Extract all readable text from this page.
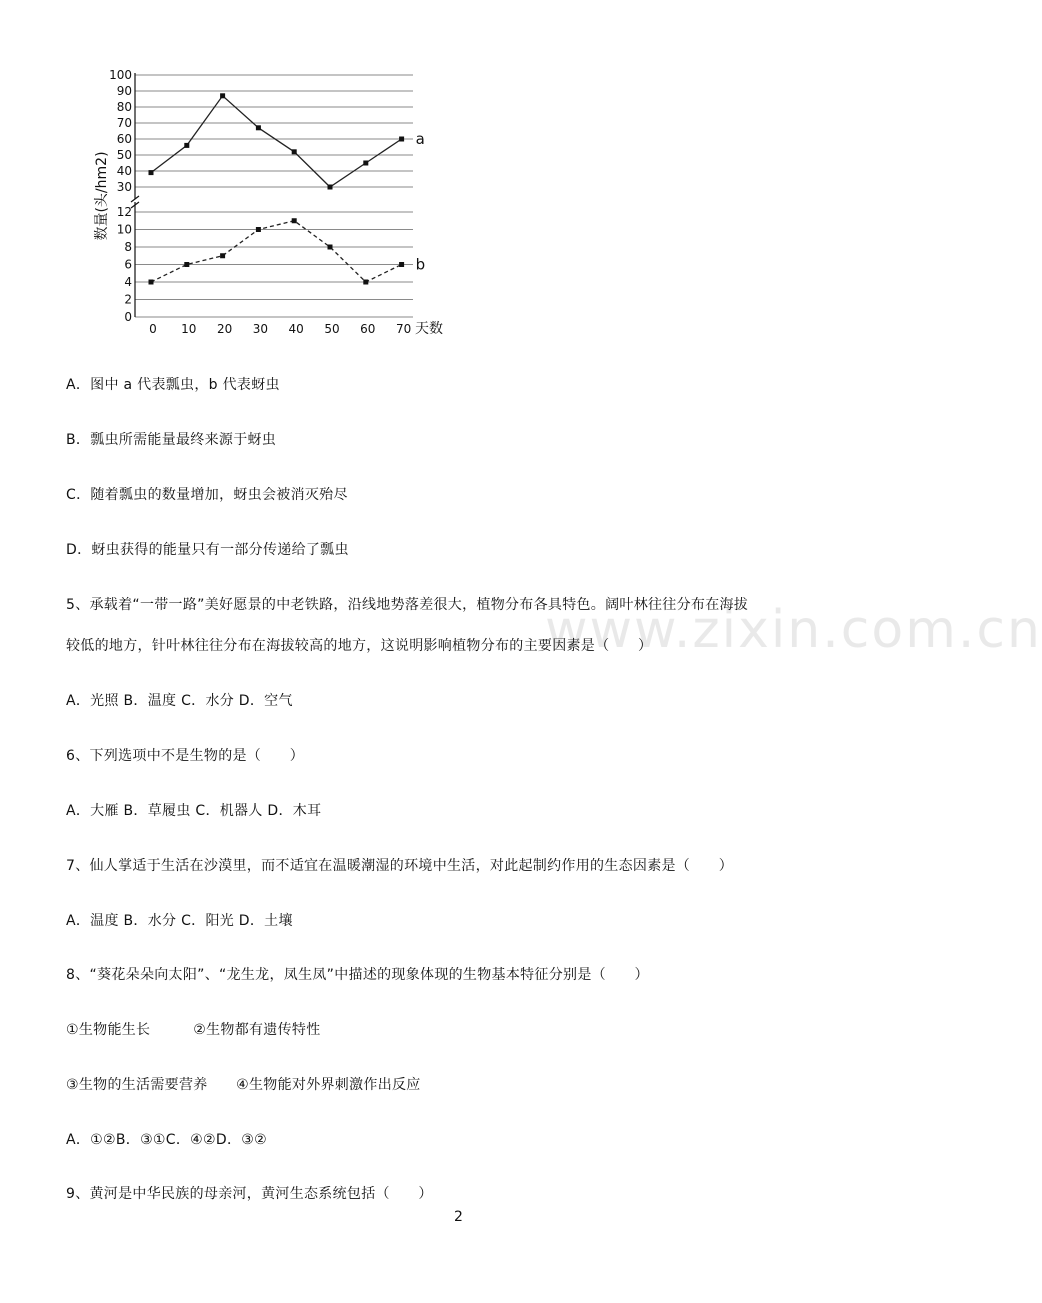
30
40
50
60
70
80
90
100
0
2
4
6
8
10
12
0 10 20 30 40 50 60 70
a
b
数量(头/hm2)
天数
www.zixin.com.cn
A．图中 a 代表瓢虫，b 代表蚜虫
B．瓢虫所需能量最终来源于蚜虫
C．随着瓢虫的数量增加，蚜虫会被消灭殆尽
D．蚜虫获得的能量只有一部分传递给了瓢虫
5、承载着“一带一路”美好愿景的中老铁路，沿线地势落差很大，植物分布各具特色。阔叶林往往分布在海拔
较低的地方，针叶林往往分布在海拔较高的地方，这说明影响植物分布的主要因素是（　　）
A．光照 B．温度 C．水分 D．空气
6、下列选项中不是生物的是（　　）
A．大雁 B．草履虫 C．机器人 D．木耳
7、仙人掌适于生活在沙漠里，而不适宜在温暖潮湿的环境中生活，对此起制约作用的生态因素是（　　）
A．温度 B．水分 C．阳光 D．土壤
8、“葵花朵朵向太阳”、“龙生龙，凤生凤”中描述的现象体现的生物基本特征分别是（　　）
①生物能生长　　　②生物都有遗传特性
③生物的生活需要营养　　④生物能对外界刺激作出反应
A．①②B．③①C．④②D．③②
9、黄河是中华民族的母亲河，黄河生态系统包括（　　）
2
